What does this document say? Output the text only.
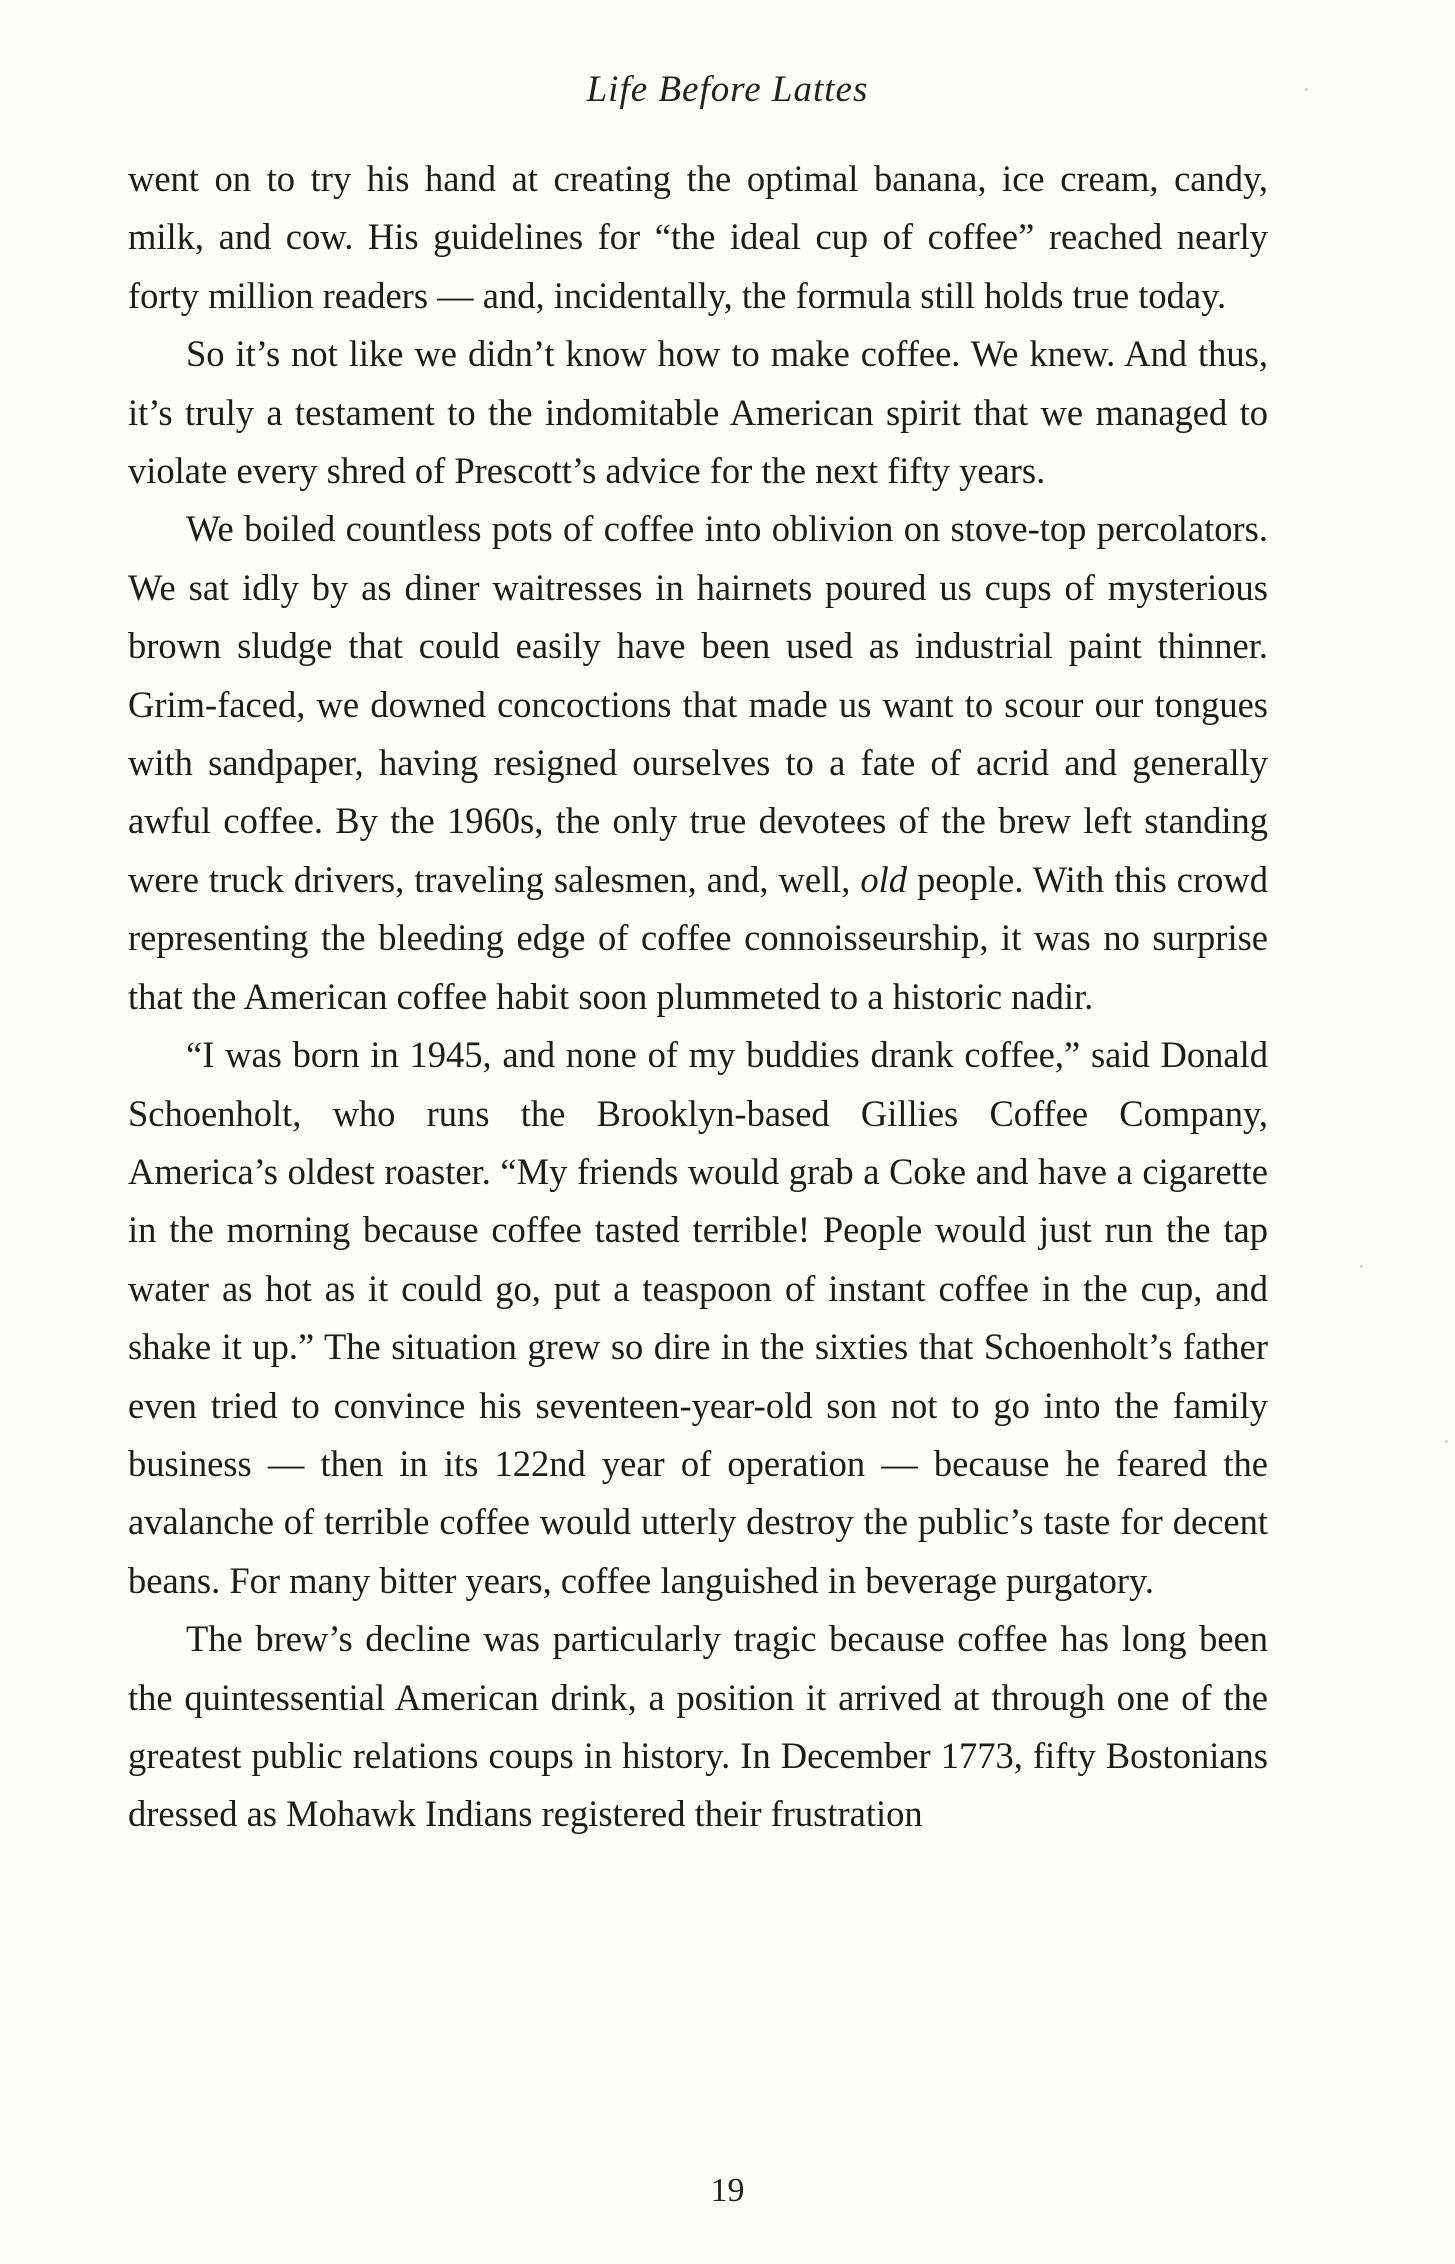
Life Before Lattes

went on to try his hand at creating the optimal banana, ice cream, candy, milk, and cow. His guidelines for “the ideal cup of coffee” reached nearly forty million readers — and, incidentally, the formula still holds true today.

So it’s not like we didn’t know how to make coffee. We knew. And thus, it’s truly a testament to the indomitable American spirit that we managed to violate every shred of Prescott’s advice for the next fifty years.

We boiled countless pots of coffee into oblivion on stove-top percolators. We sat idly by as diner waitresses in hairnets poured us cups of mysterious brown sludge that could easily have been used as industrial paint thinner. Grim-faced, we downed concoctions that made us want to scour our tongues with sandpaper, having resigned ourselves to a fate of acrid and generally awful coffee. By the 1960s, the only true devotees of the brew left standing were truck drivers, traveling salesmen, and, well, old people. With this crowd representing the bleeding edge of coffee connoisseurship, it was no surprise that the American coffee habit soon plummeted to a historic nadir.

“I was born in 1945, and none of my buddies drank coffee,” said Donald Schoenholt, who runs the Brooklyn-based Gillies Coffee Company, America’s oldest roaster. “My friends would grab a Coke and have a cigarette in the morning because coffee tasted terrible! People would just run the tap water as hot as it could go, put a teaspoon of instant coffee in the cup, and shake it up.” The situation grew so dire in the sixties that Schoenholt’s father even tried to convince his seventeen-year-old son not to go into the family business — then in its 122nd year of operation — because he feared the avalanche of terrible coffee would utterly destroy the public’s taste for decent beans. For many bitter years, coffee languished in beverage purgatory.

The brew’s decline was particularly tragic because coffee has long been the quintessential American drink, a position it arrived at through one of the greatest public relations coups in history. In December 1773, fifty Bostonians dressed as Mohawk Indians registered their frustration

19
